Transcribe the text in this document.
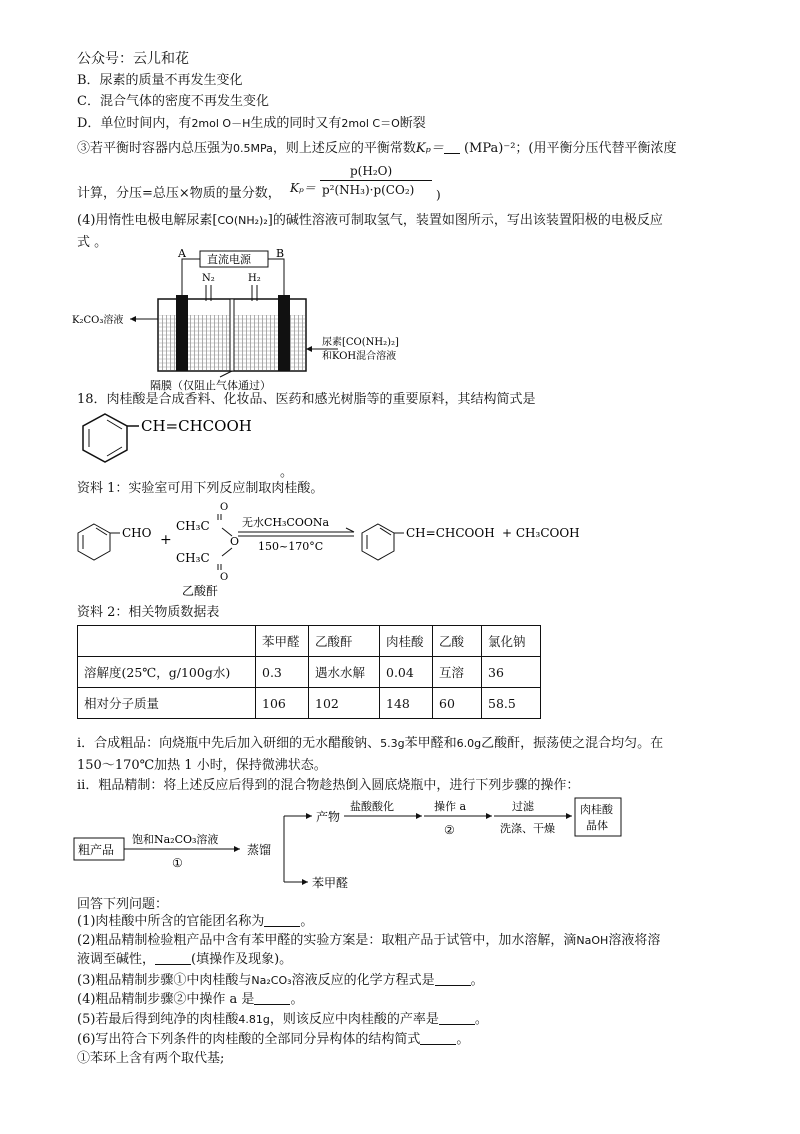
公众号：云儿和花
B．尿素的质量不再发生变化
C．混合气体的密度不再发生变化
D．单位时间内，有2mol O－H生成的同时又有2mol C＝O断裂
③若平衡时容器内总压强为0.5MPa，则上述反应的平衡常数Kₚ＝ (MPa)⁻²；(用平衡分压代替平衡浓度
计算，分压=总压×物质的量分数， Kₚ＝
p(H₂O)
p²(NH₃)·p(CO₂) )
(4)用惰性电极电解尿素[CO(NH₂)₂]的碱性溶液可制取氢气，装置如图所示，写出该装置阳极的电极反应
式 。
A	B
直流电源
N₂	H₂
K₂CO₃溶液
尿素[CO(NH₂)₂]
和KOH混合溶液
隔膜（仅阻止气体通过）
18．肉桂酸是合成香料、化妆品、医药和感光树脂等的重要原料，其结构简式是
CH=CHCOOH
。
资料 1：实验室可用下列反应制取肉桂酸。
CHO +
O
CH₃C
O
CH₃C
O
乙酸酐
无水CH₃COONa
150~170°C
CH=CHCOOH + CH₃COOH
资料 2：相关物质数据表
	苯甲醛	乙酸酐	肉桂酸	乙酸	氯化钠
溶解度(25℃，g/100g水)	0.3	遇水水解	0.04	互溶	36
相对分子质量	106	102	148	60	58.5
i．合成粗品：向烧瓶中先后加入研细的无水醋酸钠、5.3g苯甲醛和6.0g乙酸酐，振荡使之混合均匀。在
150～170℃加热 1 小时，保持微沸状态。
ii．粗品精制：将上述反应后得到的混合物趁热倒入圆底烧瓶中，进行下列步骤的操作：
粗产品
饱和Na₂CO₃溶液
①
蒸馏
产物
苯甲醛
盐酸酸化	操作 a
②
过滤
洗涤、干燥
肉桂酸
晶体
回答下列问题：
(1)肉桂酸中所含的官能团名称为	。
(2)粗品精制检验粗产品中含有苯甲醛的实验方案是：取粗产品于试管中，加水溶解，滴NaOH溶液将溶
液调至碱性，	(填操作及现象)。
(3)粗品精制步骤①中肉桂酸与Na₂CO₃溶液反应的化学方程式是	。
(4)粗品精制步骤②中操作 a 是	。
(5)若最后得到纯净的肉桂酸4.81g，则该反应中肉桂酸的产率是	。
(6)写出符合下列条件的肉桂酸的全部同分异构体的结构简式	。
①苯环上含有两个取代基;
